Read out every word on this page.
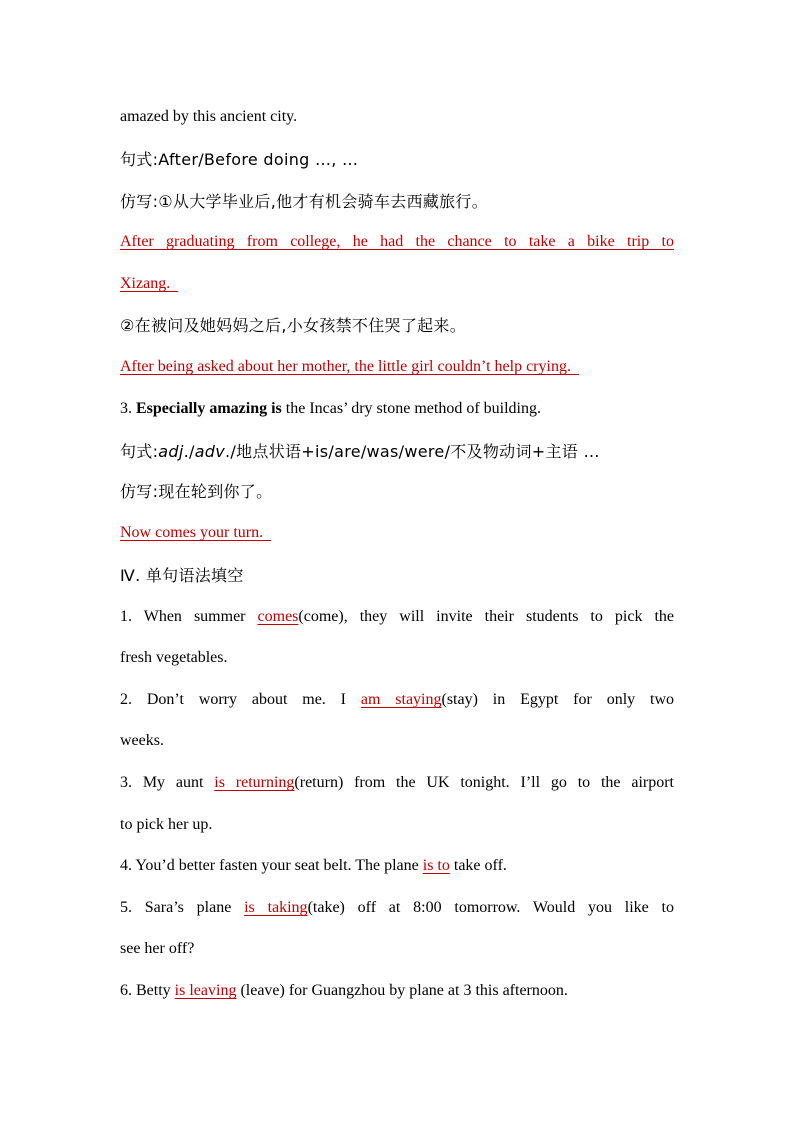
amazed by this ancient city.
句式:After/Before doing …, …
仿写:①从大学毕业后,他才有机会骑车去西藏旅行。
After graduating from college, he had the chance to take a bike trip to
Xizang.
②在被问及她妈妈之后,小女孩禁不住哭了起来。
After being asked about her mother, the little girl couldn’t help crying.
3. Especially amazing is the Incas’ dry stone method of building.
句式:adj./adv./地点状语+is/are/was/were/不及物动词+主语 …
仿写:现在轮到你了。
Now comes your turn.
Ⅳ. 单句语法填空
1. When summer comes(come), they will invite their students to pick the
fresh vegetables.
2. Don’t worry about me. I am staying(stay) in Egypt for only two
weeks.
3. My aunt is returning(return) from the UK tonight. I’ll go to the airport
to pick her up.
4. You’d better fasten your seat belt. The plane is to take off.
5. Sara’s plane is taking(take) off at 8:00 tomorrow. Would you like to
see her off?
6. Betty is leaving (leave) for Guangzhou by plane at 3 this afternoon.
